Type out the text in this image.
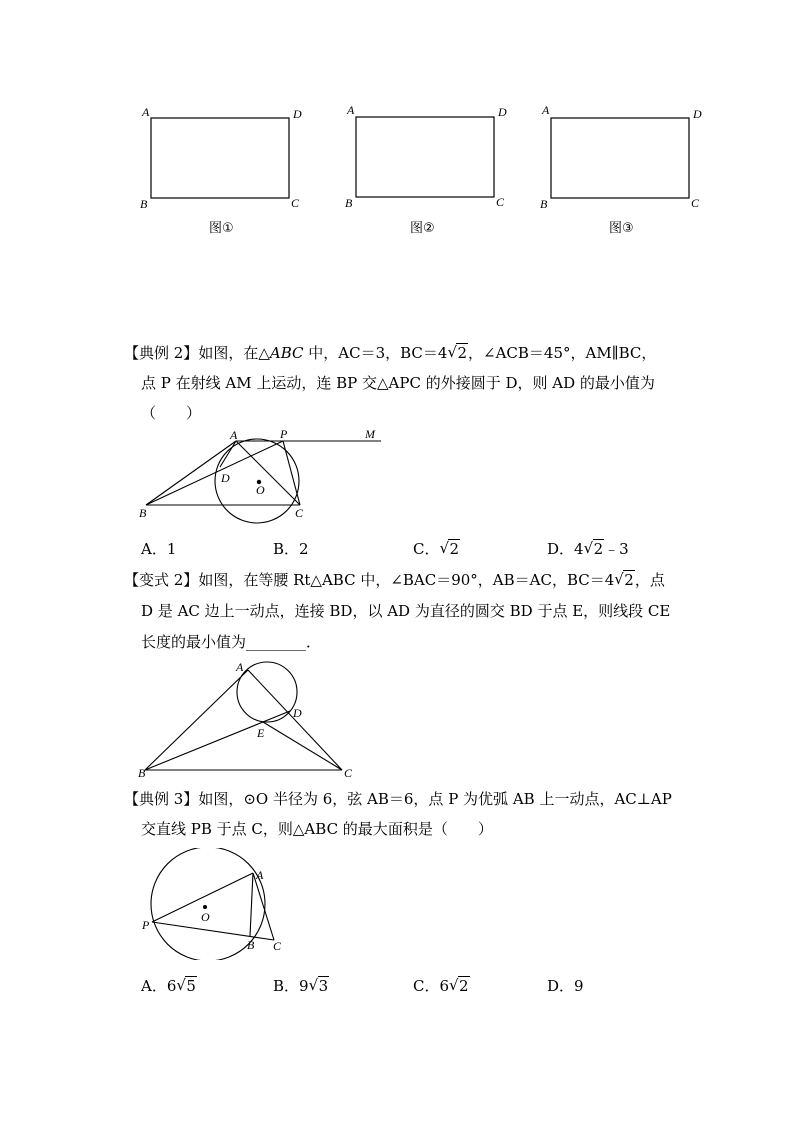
A	D
B	C
A	D
B	C
A	D
B	C
图①	图②	图③
【典例 2】如图，在△ABC 中，AC＝3，BC＝4 √ 2，∠ACB＝45°，AM∥BC，
点 P 在射线 AM 上运动，连 BP 交△APC 的外接圆于 D，则 AD 的最小值为
（　　）
A	P	M
D
O
B	C
A．1	B．2	C． √ 2	D．4 √ 2﹣3
【变式 2】如图，在等腰 Rt△ABC 中，∠BAC＝90°，AB＝AC，BC＝4 √ 2，点
D 是 AC 边上一动点，连接 BD，以 AD 为直径的圆交 BD 于点 E，则线段 CE
长度的最小值为________．
A
D
E
B	C
【典例 3】如图，⊙O 半径为 6，弦 AB＝6，点 P 为优弧 AB 上一动点，AC⊥AP
交直线 PB 于点 C，则△ABC 的最大面积是（　　）
A
O
P
B C
A．6 √ 5	B．9 √ 3	C．6 √ 2	D．9
